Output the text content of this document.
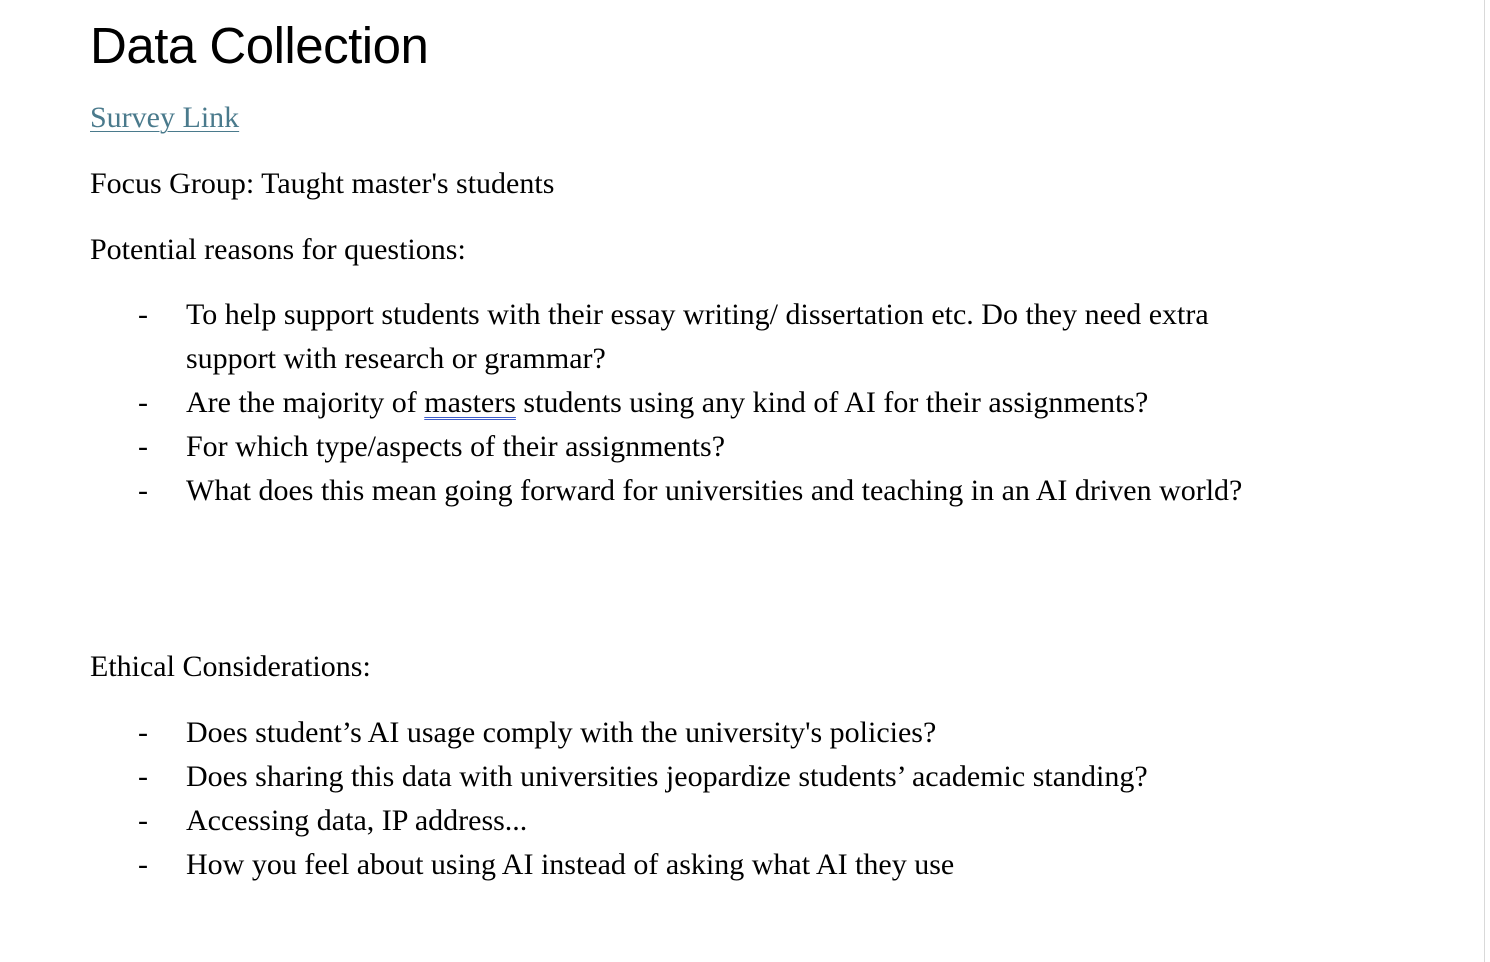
Data Collection
Survey Link

Focus Group: Taught master's students

Potential reasons for questions:

- To help support students with their essay writing/ dissertation etc. Do they need extra support with research or grammar?
- Are the majority of masters students using any kind of AI for their assignments?
- For which type/aspects of their assignments?
- What does this mean going forward for universities and teaching in an AI driven world?

Ethical Considerations:

- Does student’s AI usage comply with the university's policies?
- Does sharing this data with universities jeopardize students’ academic standing?
- Accessing data, IP address...
- How you feel about using AI instead of asking what AI they use
